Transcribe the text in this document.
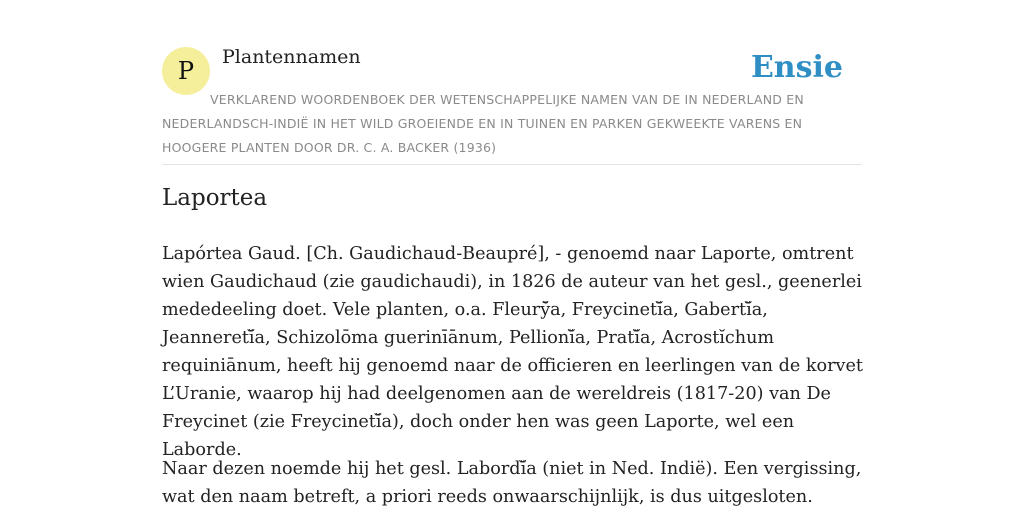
P Plantennamen	Ensie
VERKLAREND WOORDENBOEK DER WETENSCHAPPELIJKE NAMEN VAN DE IN NEDERLAND EN NEDERLANDSCH-INDIË IN HET WILD GROEIENDE EN IN TUINEN EN PARKEN GEKWEEKTE VARENS EN HOOGERE PLANTEN DOOR DR. C. A. BACKER (1936)
Laportea

Lapórtea Gaud. [Ch. Gaudichaud-Beaupré], - genoemd naar Laporte, omtrent wien Gaudichaud (zie gaudichaudi), in 1826 de auteur van het gesl., geenerlei mededeeling doet. Vele planten, o.a. Fleurȳ̆a, Freycinetĭ̆a, Gabertĭ̆a, Jeanneretĭ̆a, Schizolōma guerinīānum, Pellionĭ̆a, Pratĭ̆a, Acrostĭchum requiniānum, heeft hij genoemd naar de officieren en leerlingen van de korvet L’Uranie, waarop hij had deelgenomen aan de wereldreis (1817-20) van De Freycinet (zie Freycinetĭ̆a), doch onder hen was geen Laporte, wel een Laborde.

Naar dezen noemde hij het gesl. Labordĭ̆a (niet in Ned. Indië). Een vergissing, wat den naam betreft, a priori reeds onwaarschijnlijk, is dus uitgesloten.
